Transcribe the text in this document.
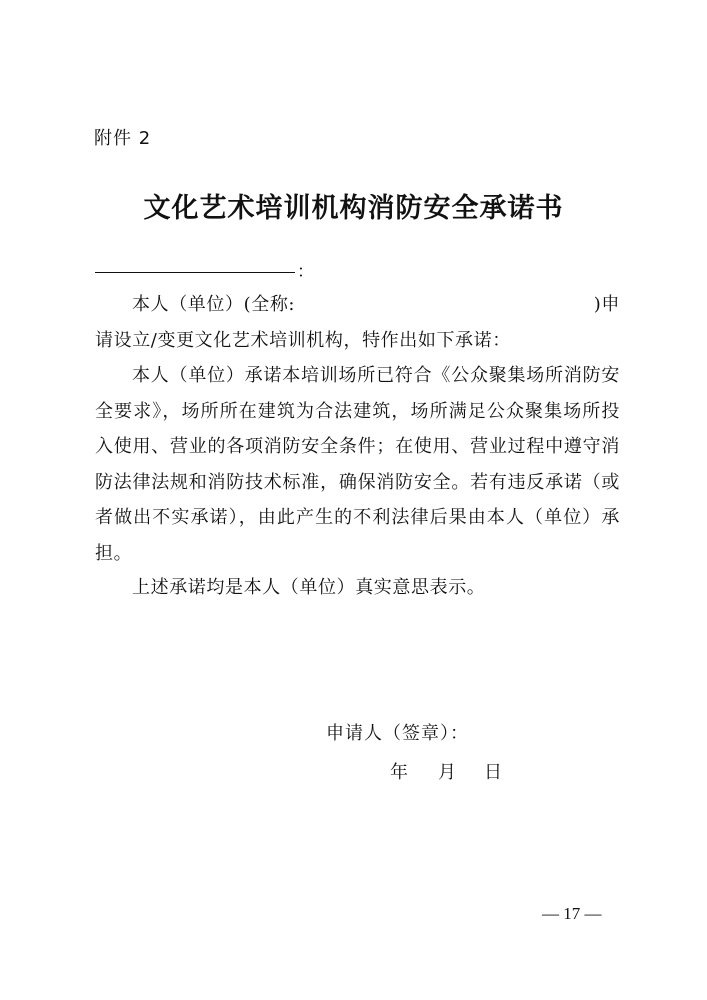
附件 2
文化艺术培训机构消防安全承诺书
：
本人（单位）(全称:	)申
请设立/变更文化艺术培训机构，特作出如下承诺：
本人（单位）承诺本培训场所已符合《公众聚集场所消防安全要求》，场所所在建筑为合法建筑，场所满足公众聚集场所投入使用、营业的各项消防安全条件；在使用、营业过程中遵守消防法律法规和消防技术标准，确保消防安全。若有违反承诺（或者做出不实承诺），由此产生的不利法律后果由本人（单位）承担。
上述承诺均是本人（单位）真实意思表示。
申请人（签章）：
年 月 日
— 17 —
